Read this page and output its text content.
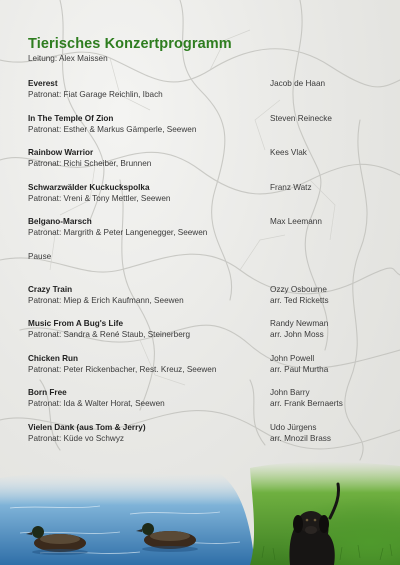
Tierisches Konzertprogramm
Leitung: Alex Maissen
Everest	Jacob de Haan
Patronat: Fiat Garage Reichlin, Ibach
In The Temple Of Zion	Steven Reinecke
Patronat: Esther & Markus Gämperle, Seewen
Rainbow Warrior	Kees Vlak
Patronat: Richi Scheiber, Brunnen
Schwarzwälder Kuckuckspolka	Franz Watz
Patronat: Vreni & Tony Mettler, Seewen
Belgano-Marsch	Max Leemann
Patronat: Margrith & Peter Langenegger, Seewen
Pause
Crazy Train	Ozzy Osbourne
Patronat: Miep & Erich Kaufmann, Seewen	arr. Ted Ricketts
Music From A Bug's Life	Randy Newman
Patronat: Sandra & René Staub, Steinerberg	arr. John Moss
Chicken Run	John Powell
Patronat: Peter Rickenbacher, Rest. Kreuz, Seewen	arr. Paul Murtha
Born Free	John Barry
Patronat: Ida & Walter Horat, Seewen	arr. Frank Bernaerts
Vielen Dank (aus Tom & Jerry)	Udo Jürgens
Patronat: Küde vo Schwyz	arr. Mnozil Brass
